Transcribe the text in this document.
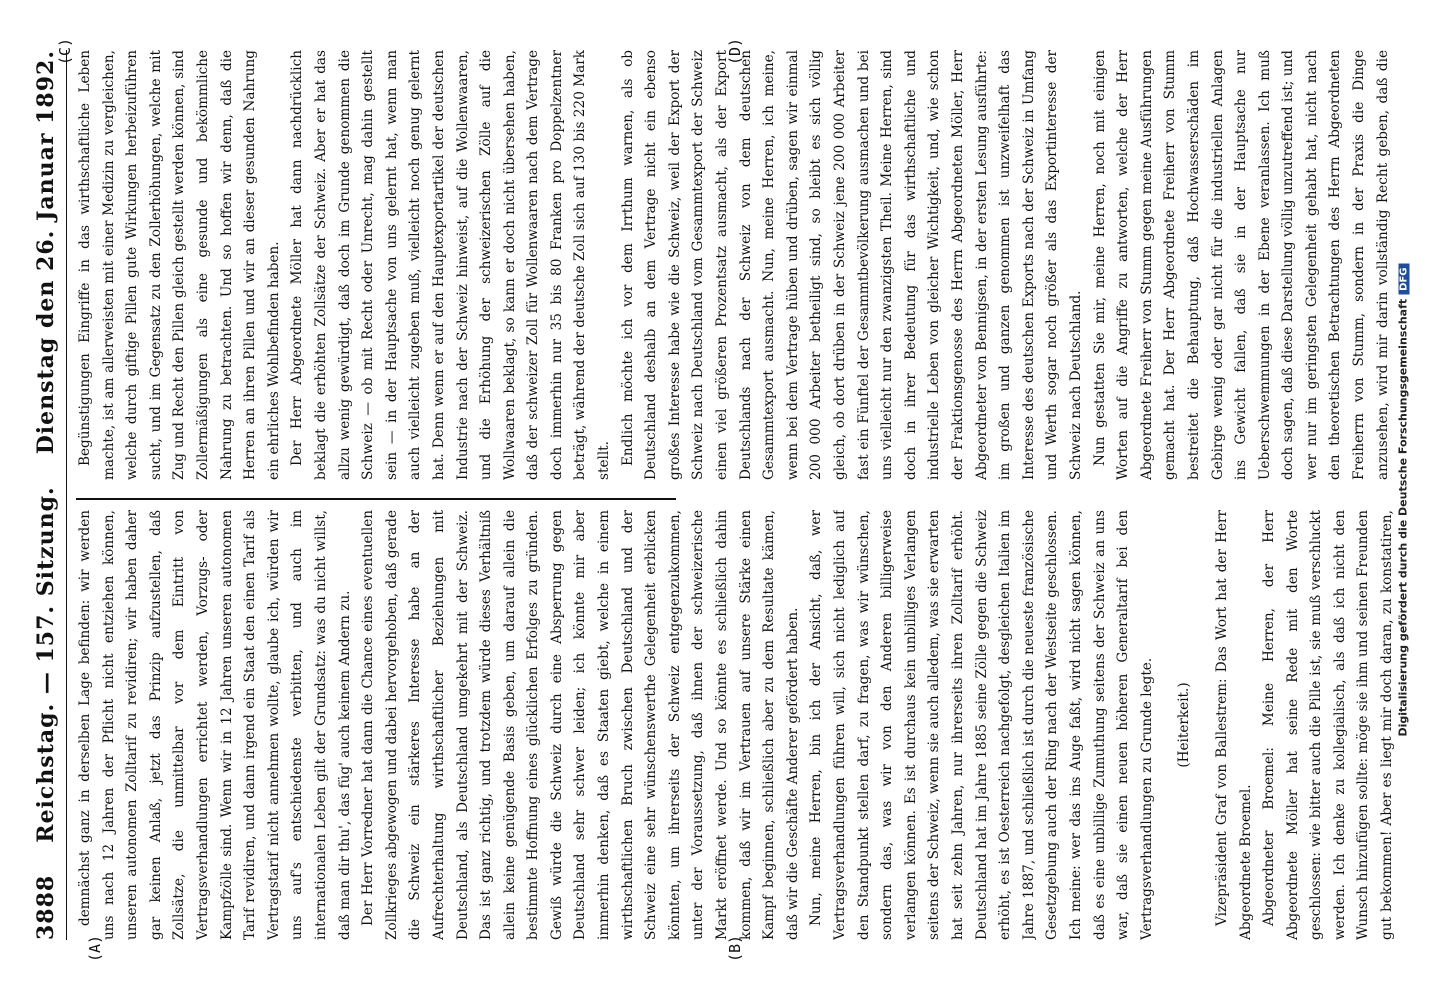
3888
Reichstag. — 157. Sitzung.
Dienstag den 26. Januar 1892.
(A)	(B)
(C)	(D)

demnächst ganz in derselben Lage befinden: wir werden uns nach 12 Jahren der Pflicht nicht entziehen können, unseren autonomen Zolltarif zu revidiren; wir haben daher gar keinen Anlaß, jetzt das Prinzip aufzustellen, daß Zollsätze, die unmittelbar vor dem Eintritt von Vertragsverhandlungen errichtet werden, Vorzugs- oder Kampfzölle sind. Wenn wir in 12 Jahren unseren autonomen Tarif revidiren, und dann irgend ein Staat den einen Tarif als Vertragstarif nicht annehmen wollte, glaube ich, würden wir uns auf's entschiedenste verbitten, und auch im internationalen Leben gilt der Grundsatz: was du nicht willst, daß man dir thu', das füg' auch keinem Andern zu. Der Herr Vorredner hat dann die Chance eines eventuellen Zollkrieges abgewogen und dabei hervorgehoben, daß gerade die Schweiz ein stärkeres Interesse habe an der Aufrechterhaltung wirthschaftlicher Beziehungen mit Deutschland, als Deutschland umgekehrt mit der Schweiz. Das ist ganz richtig, und trotzdem würde dieses Verhältniß allein keine genügende Basis geben, um darauf allein die bestimmte Hoffnung eines glücklichen Erfolges zu gründen. Gewiß würde die Schweiz durch eine Absperrung gegen Deutschland sehr schwer leiden; ich könnte mir aber immerhin denken, daß es Staaten giebt, welche in einem wirthschaftlichen Bruch zwischen Deutschland und der Schweiz eine sehr wünschenswerthe Gelegenheit erblicken könnten, um ihrerseits der Schweiz entgegenzukommen, unter der Voraussetzung, daß ihnen der schweizerische Markt eröffnet werde. Und so könnte es schließlich dahin kommen, daß wir im Vertrauen auf unsere Stärke einen Kampf beginnen, schließlich aber zu dem Resultate kämen, daß wir die Geschäfte Anderer gefördert haben. Nun, meine Herren, bin ich der Ansicht, daß, wer Vertragsverhandlungen führen will, sich nicht lediglich auf den Standpunkt stellen darf, zu fragen, was wir wünschen, sondern das, was wir von den Anderen billigerweise verlangen können. Es ist durchaus kein unbilliges Verlangen seitens der Schweiz, wenn sie auch alledem, was sie erwarten hat seit zehn Jahren, nur ihrerseits ihren Zolltarif erhöht. Deutschland hat im Jahre 1885 seine Zölle gegen die Schweiz erhöht, es ist Oesterreich nachgefolgt, desgleichen Italien im Jahre 1887, und schließlich ist durch die neueste französische Gesetzgebung auch der Ring nach der Westseite geschlossen. Ich meine: wer das ins Auge faßt, wird nicht sagen können, daß es eine unbillige Zumuthung seitens der Schweiz an uns war, daß sie einen neuen höheren Generaltarif bei den Vertragsverhandlungen zu Grunde legte.	(Heiterkeit.)	Vizepräsident Graf von Ballestrem: Das Wort hat der Herr Abgeordnete Broemel. Abgeordneter Broemel: Meine Herren, der Herr Abgeordnete Möller hat seine Rede mit den Worte geschlossen: wie bitter auch die Pille ist, sie muß verschluckt werden. Ich denke zu kollegialisch, als daß ich nicht den Wunsch hinzufügen sollte: möge sie ihm und seinen Freunden gut bekommen! Aber es liegt mir doch daran, zu konstatiren,

Begünstigungen Eingriffe in das wirthschaftliche Leben machte, ist am allerweisten mit einer Medizin zu vergleichen, welche durch giftige Pillen gute Wirkungen herbeizuführen sucht, und im Gegensatz zu den Zollerhöhungen, welche mit Zug und Recht den Pillen gleich gestellt werden können, sind Zollermäßigungen als eine gesunde und bekömmliche Nahrung zu betrachten. Und so hoffen wir denn, daß die Herren an ihren Pillen und wir an dieser gesunden Nahrung ein ehrliches Wohlbefinden haben. Der Herr Abgeordnete Möller hat dann nachdrücklich beklagt die erhöhten Zollsätze der Schweiz. Aber er hat das allzu wenig gewürdigt, daß doch im Grunde genommen die Schweiz — ob mit Recht oder Unrecht, mag dahin gestellt sein — in der Hauptsache von uns gelernt hat, wenn man auch vielleicht zugeben muß, vielleicht noch genug gelernt hat. Denn wenn er auf den Hauptexportartikel der deutschen Industrie nach der Schweiz hinweist, auf die Wollenwaaren, und die Erhöhung der schweizerischen Zölle auf die Wollwaaren beklagt, so kann er doch nicht übersehen haben, daß der schweizer Zoll für Wollenwaaren nach dem Vertrage doch immerhin nur 35 bis 80 Franken pro Doppelzentner beträgt, während der deutsche Zoll sich auf 130 bis 220 Mark stellt. Endlich möchte ich vor dem Irrthum warnen, als ob Deutschland deshalb an dem Vertrage nicht ein ebenso großes Interesse habe wie die Schweiz, weil der Export der Schweiz nach Deutschland vom Gesammtexport der Schweiz einen viel größeren Prozentsatz ausmacht, als der Export Deutschlands nach der Schweiz von dem deutschen Gesammtexport ausmacht. Nun, meine Herren, ich meine, wenn bei dem Vertrage hüben und drüben, sagen wir einmal 200 000 Arbeiter betheiligt sind, so bleibt es sich völlig gleich, ob dort drüben in der Schweiz jene 200 000 Arbeiter fast ein Fünftel der Gesammtbevölkerung ausmachen und bei uns vielleicht nur den zwanzigsten Theil. Meine Herren, sind doch in ihrer Bedeutung für das wirthschaftliche und industrielle Leben von gleicher Wichtigkeit, und, wie schon der Fraktionsgenosse des Herrn Abgeordneten Möller, Herr Abgeordneter von Bennigsen, in der ersten Lesung ausführte: im großen und ganzen genommen ist unzweifelhaft das Interesse des deutschen Exports nach der Schweiz in Umfang und Werth sogar noch größer als das Exportinteresse der Schweiz nach Deutschland. Nun gestatten Sie mir, meine Herren, noch mit einigen Worten auf die Angriffe zu antworten, welche der Herr Abgeordnete Freiherr von Stumm gegen meine Ausführungen gemacht hat. Der Herr Abgeordnete Freiherr von Stumm bestreitet die Behauptung, daß Hochwasserschäden im Gebirge wenig oder gar nicht für die industriellen Anlagen ins Gewicht fallen, daß sie in der Hauptsache nur Ueberschwemmungen in der Ebene veranlassen. Ich muß doch sagen, daß diese Darstellung völlig unzutreffend ist; und wer nur im geringsten Gelegenheit gehabt hat, nicht nach den theoretischen Betrachtungen des Herrn Abgeordneten Freiherrn von Stumm, sondern in der Praxis die Dinge anzusehen, wird mir darin vollständig Recht geben, daß die

Digitalisierung gefördert durch die Deutsche ForschungsgemeinschaftDFG
